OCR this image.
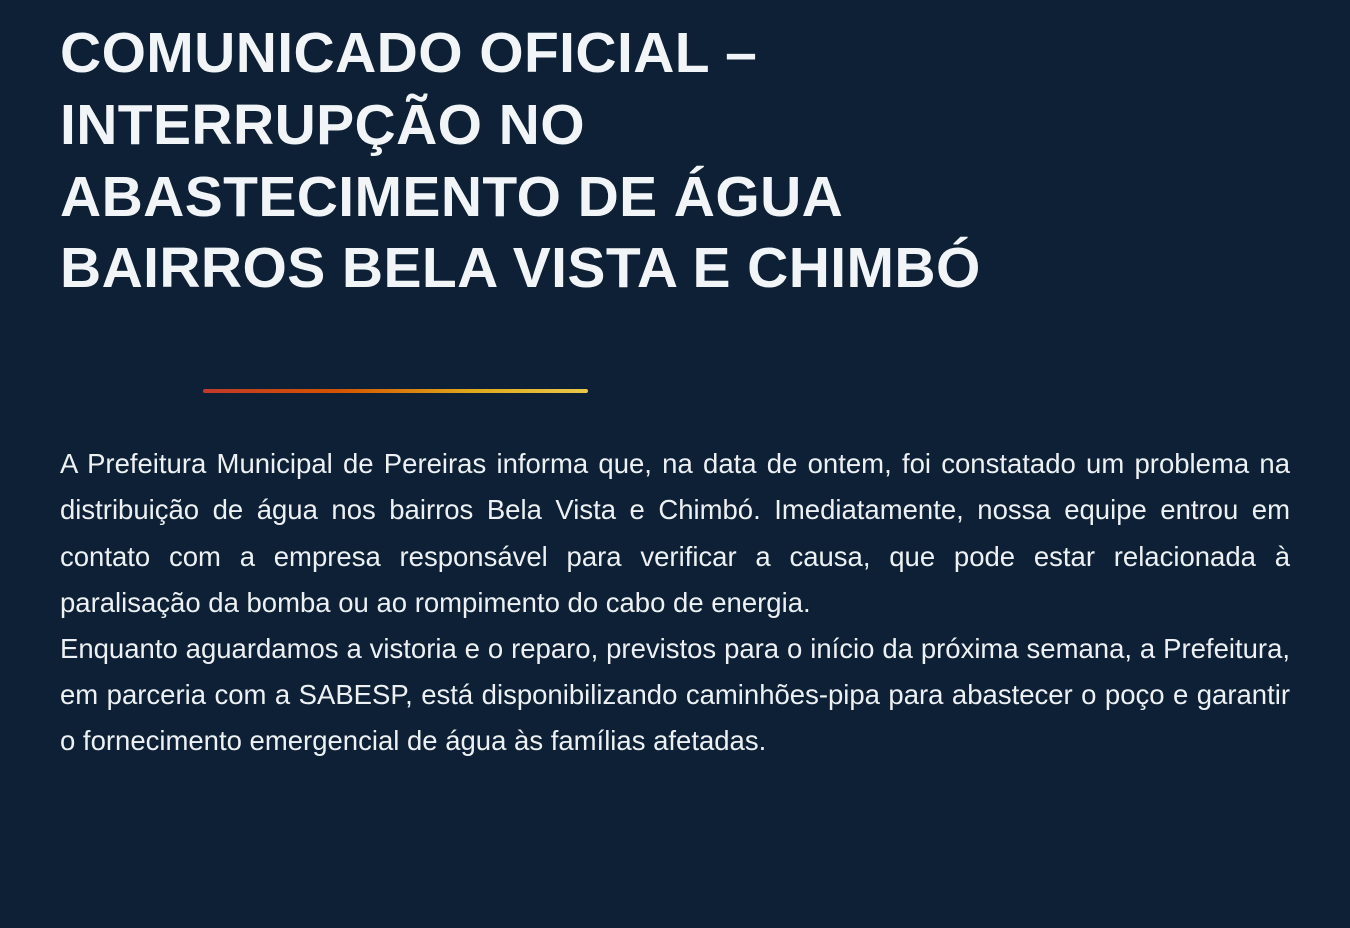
COMUNICADO OFICIAL –
INTERRUPÇÃO NO
ABASTECIMENTO DE ÁGUA
BAIRROS BELA VISTA E CHIMBÓ

A Prefeitura Municipal de Pereiras informa que, na data de ontem, foi constatado um problema na distribuição de água nos bairros Bela Vista e Chimbó. Imediatamente, nossa equipe entrou em contato com a empresa responsável para verificar a causa, que pode estar relacionada à paralisação da bomba ou ao rompimento do cabo de energia.

Enquanto aguardamos a vistoria e o reparo, previstos para o início da próxima semana, a Prefeitura, em parceria com a SABESP, está disponibilizando caminhões-pipa para abastecer o poço e garantir o fornecimento emergencial de água às famílias afetadas.
